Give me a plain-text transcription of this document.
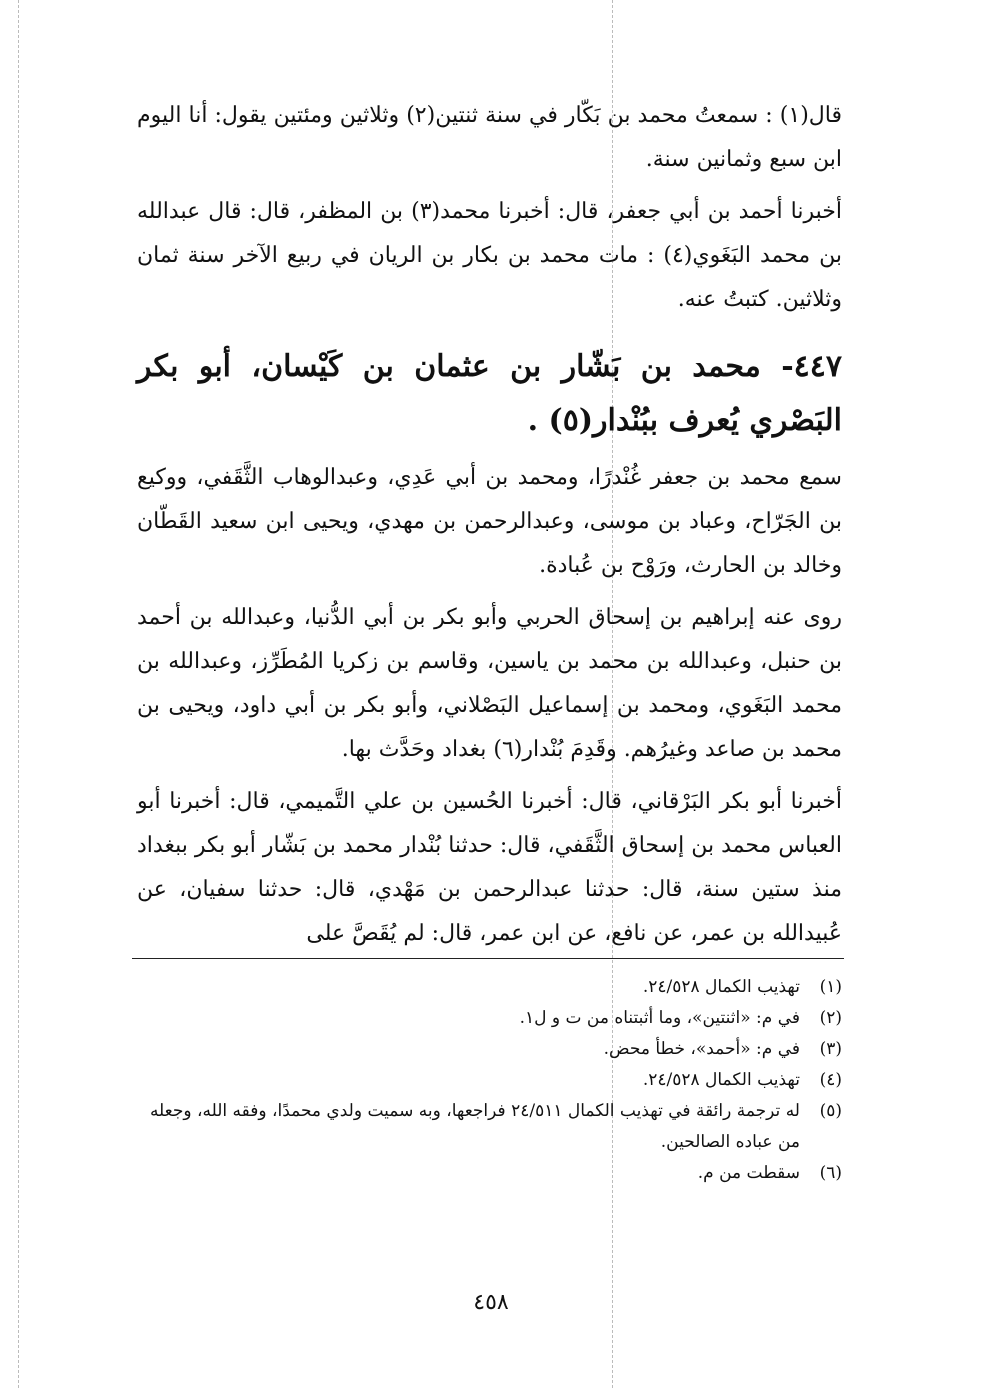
قال(١) : سمعتُ محمد بن بَكّار في سنة ثنتين(٢) وثلاثين ومئتين يقول: أنا اليوم ابن سبع وثمانين سنة.

أخبرنا أحمد بن أبي جعفر، قال: أخبرنا محمد(٣) بن المظفر، قال: قال عبدالله بن محمد البَغَوي(٤) : مات محمد بن بكار بن الريان في ربيع الآخر سنة ثمان وثلاثين. كتبتُ عنه.

٤٤٧- محمد بن بَشّار بن عثمان بن كَيْسان، أبو بكر البَصْري يُعرف ببُنْدار(٥) .

سمع محمد بن جعفر غُنْدرًا، ومحمد بن أبي عَدِي، وعبدالوهاب الثَّقَفي، ووكيع بن الجَرّاح، وعباد بن موسى، وعبدالرحمن بن مهدي، ويحيى ابن سعيد القَطّان وخالد بن الحارث، ورَوْح بن عُبادة.

روى عنه إبراهيم بن إسحاق الحربي وأبو بكر بن أبي الدُّنيا، وعبدالله بن أحمد بن حنبل، وعبدالله بن محمد بن ياسين، وقاسم بن زكريا المُطَرِّز، وعبدالله بن محمد البَغَوي، ومحمد بن إسماعيل البَصْلاني، وأبو بكر بن أبي داود، ويحيى بن محمد بن صاعد وغيرُهم. وقَدِمَ بُنْدار(٦) بغداد وحَدَّث بها.

أخبرنا أبو بكر البَرْقاني، قال: أخبرنا الحُسين بن علي التَّميمي، قال: أخبرنا أبو العباس محمد بن إسحاق الثَّقَفي، قال: حدثنا بُنْدار محمد بن بَشّار أبو بكر ببغداد منذ ستين سنة، قال: حدثنا عبدالرحمن بن مَهْدي، قال: حدثنا سفيان، عن عُبيدالله بن عمر، عن نافع، عن ابن عمر، قال: لم يُقَصَّ على

(١)
تهذيب الكمال ٢٤/٥٢٨.
(٢)
في م: «اثنتين»، وما أثبتناه من ت و ل١.
(٣)
في م: «أحمد»، خطأ محض.
(٤)
تهذيب الكمال ٢٤/٥٢٨.
(٥)
له ترجمة رائقة في تهذيب الكمال ٢٤/٥١١ فراجعها، وبه سميت ولدي محمدًا، وفقه الله، وجعله من عباده الصالحين.
(٦)
سقطت من م.
٤٥٨
